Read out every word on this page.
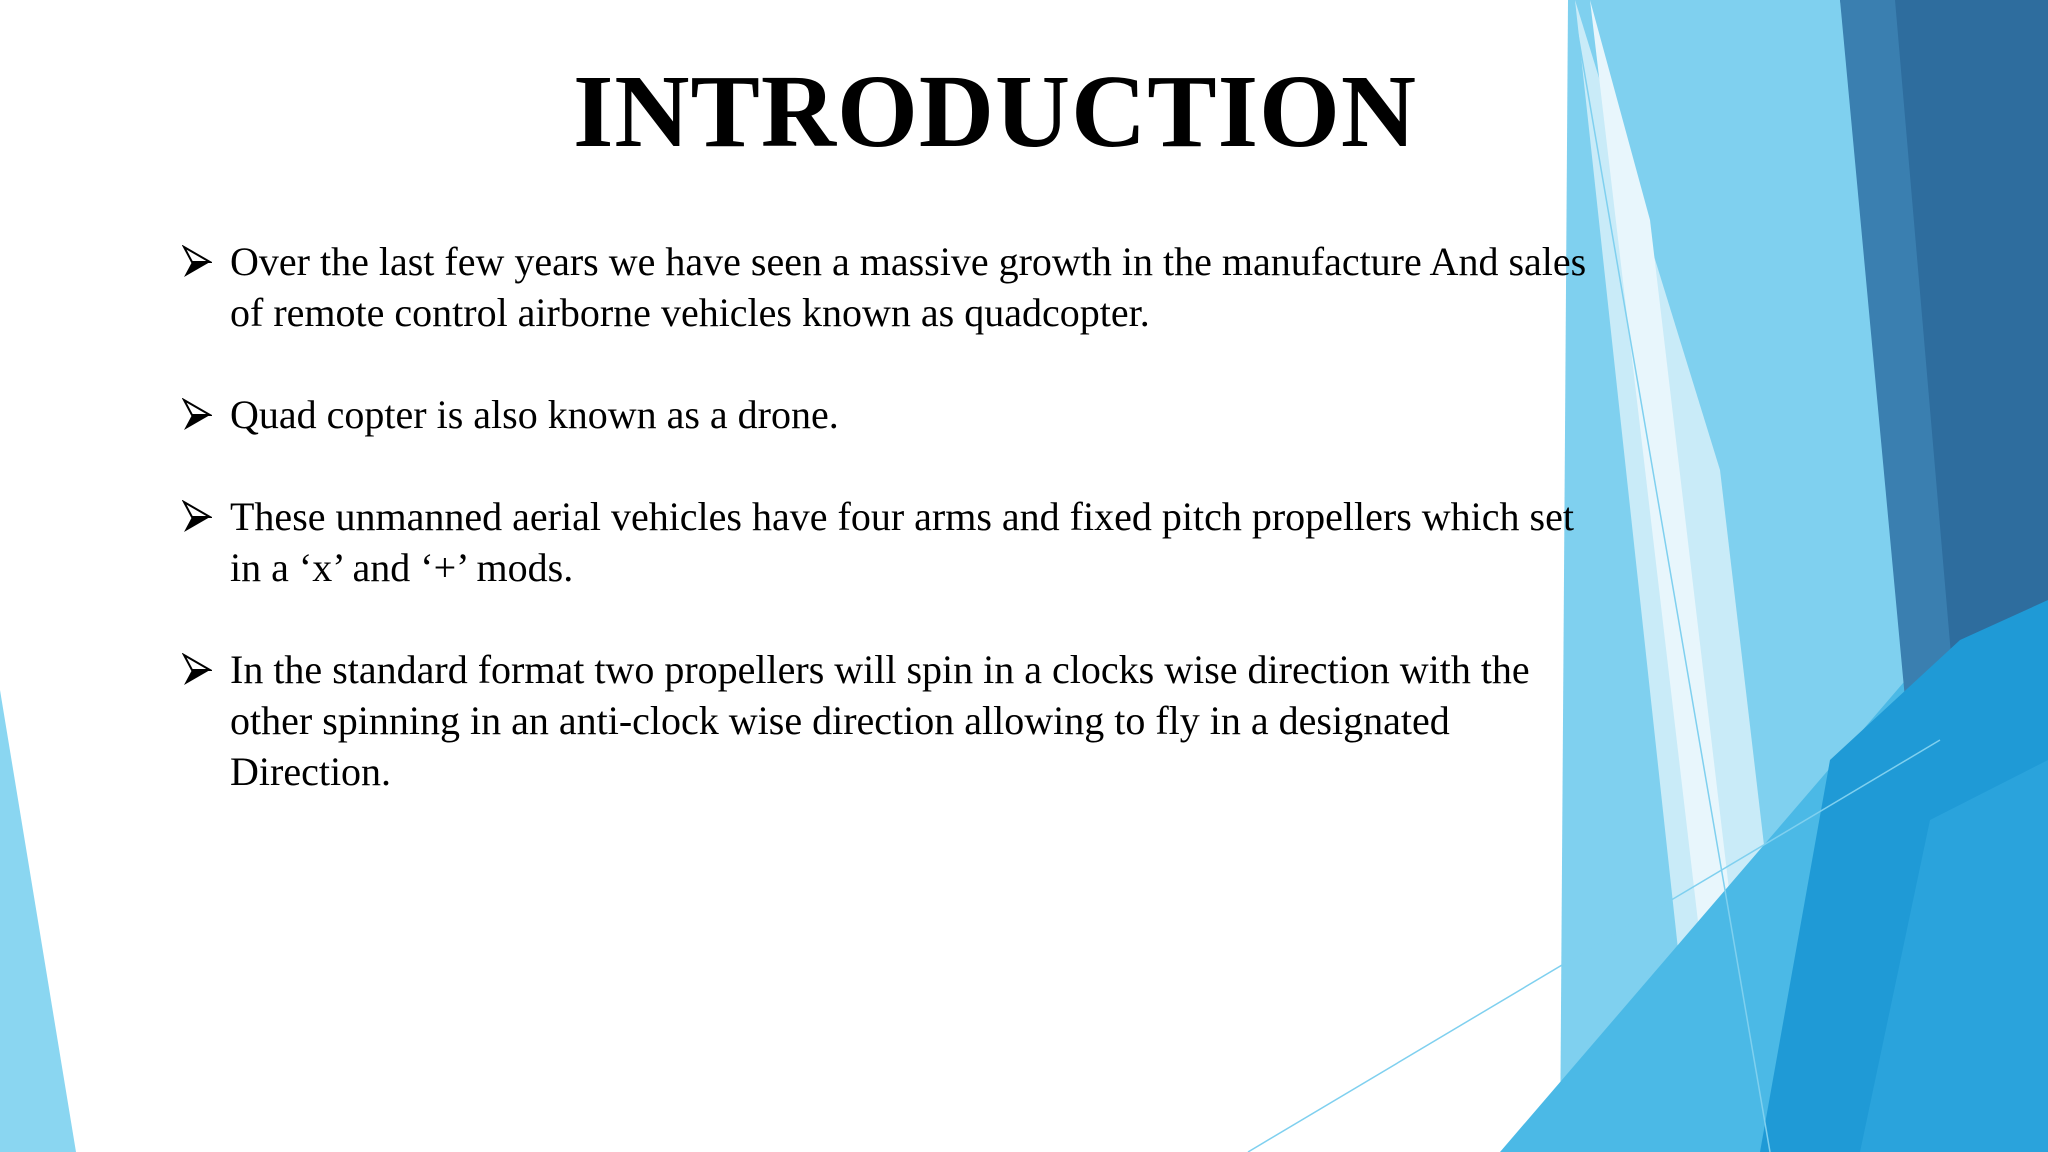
INTRODUCTION
Over the last few years we have seen a massive growth in the manufacture And sales of remote control airborne vehicles known as quadcopter.
Quad copter is also known as a drone.
These unmanned aerial vehicles have four arms and fixed pitch propellers which set in a ‘x’ and ‘+’ mods.
In the standard format two propellers will spin in a clocks wise direction with the other spinning in an anti-clock wise direction allowing to fly in a designated Direction.
